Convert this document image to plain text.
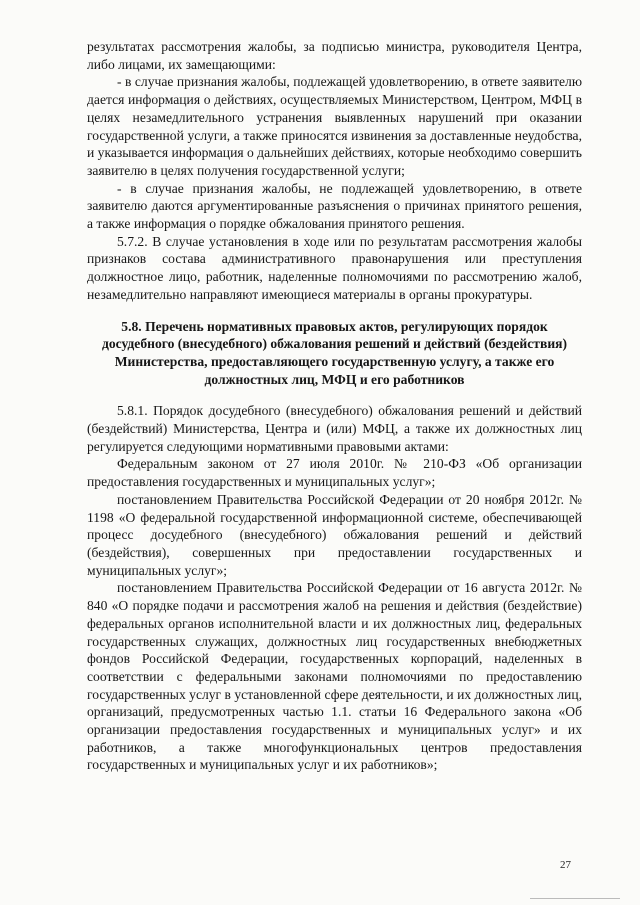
результатах рассмотрения жалобы, за подписью министра, руководителя Центра, либо лицами, их замещающими:

- в случае признания жалобы, подлежащей удовлетворению, в ответе заявителю дается информация о действиях, осуществляемых Министерством, Центром, МФЦ в целях незамедлительного устранения выявленных нарушений при оказании государственной услуги, а также приносятся извинения за доставленные неудобства, и указывается информация о дальнейших действиях, которые необходимо совершить заявителю в целях получения государственной услуги;

- в случае признания жалобы, не подлежащей удовлетворению, в ответе заявителю даются аргументированные разъяснения о причинах принятого решения, а также информация о порядке обжалования принятого решения.

5.7.2. В случае установления в ходе или по результатам рассмотрения жалобы признаков состава административного правонарушения или преступления должностное лицо, работник, наделенные полномочиями по рассмотрению жалоб, незамедлительно направляют имеющиеся материалы в органы прокуратуры.

5.8. Перечень нормативных правовых актов, регулирующих порядок досудебного (внесудебного) обжалования решений и действий (бездействия) Министерства, предоставляющего государственную услугу, а также его должностных лиц, МФЦ и его работников

5.8.1. Порядок досудебного (внесудебного) обжалования решений и действий (бездействий) Министерства, Центра и (или) МФЦ, а также их должностных лиц регулируется следующими нормативными правовыми актами:

Федеральным законом от 27 июля 2010г. № 210-ФЗ «Об организации предоставления государственных и муниципальных услуг»;

постановлением Правительства Российской Федерации от 20 ноября 2012г. № 1198 «О федеральной государственной информационной системе, обеспечивающей процесс досудебного (внесудебного) обжалования решений и действий (бездействия), совершенных при предоставлении государственных и муниципальных услуг»;

постановлением Правительства Российской Федерации от 16 августа 2012г. № 840 «О порядке подачи и рассмотрения жалоб на решения и действия (бездействие) федеральных органов исполнительной власти и их должностных лиц, федеральных государственных служащих, должностных лиц государственных внебюджетных фондов Российской Федерации, государственных корпораций, наделенных в соответствии с федеральными законами полномочиями по предоставлению государственных услуг в установленной сфере деятельности, и их должностных лиц, организаций, предусмотренных частью 1.1. статьи 16 Федерального закона «Об организации предоставления государственных и муниципальных услуг» и их работников, а также многофункциональных центров предоставления государственных и муниципальных услуг и их работников»;

27
